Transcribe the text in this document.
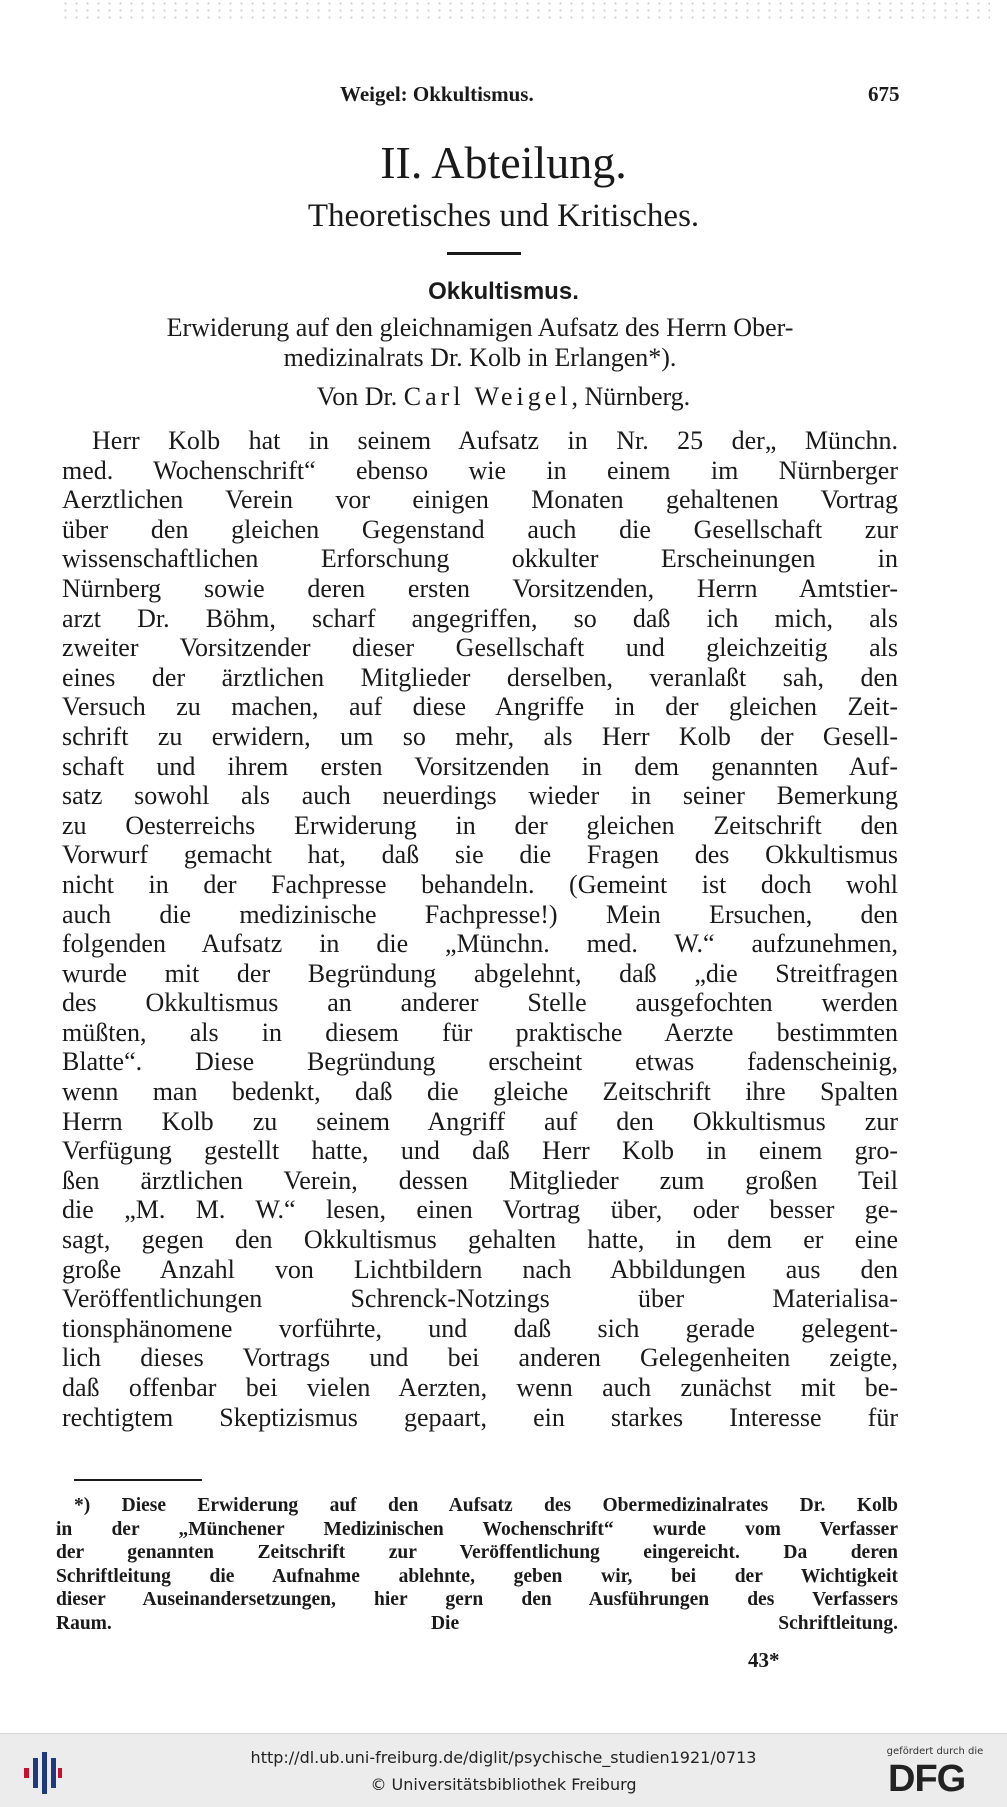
Weigel: Okkultismus.	675
II. Abteilung.
Theoretisches und Kritisches.
Okkultismus.

Erwiderung auf den gleichnamigen Aufsatz des Herrn Ober-
medizinalrats Dr. Kolb in Erlangen*).

Von Dr. Carl Weigel, Nürnberg.

Herr Kolb hat in seinem Aufsatz in Nr. 25 der„ Münchn.
med. Wochenschrift“ ebenso wie in einem im Nürnberger
Aerztlichen Verein vor einigen Monaten gehaltenen Vortrag
über den gleichen Gegenstand auch die Gesellschaft zur
wissenschaftlichen Erforschung okkulter Erscheinungen in
Nürnberg sowie deren ersten Vorsitzenden, Herrn Amtstier-
arzt Dr. Böhm, scharf angegriffen, so daß ich mich, als
zweiter Vorsitzender dieser Gesellschaft und gleichzeitig als
eines der ärztlichen Mitglieder derselben, veranlaßt sah, den
Versuch zu machen, auf diese Angriffe in der gleichen Zeit-
schrift zu erwidern, um so mehr, als Herr Kolb der Gesell-
schaft und ihrem ersten Vorsitzenden in dem genannten Auf-
satz sowohl als auch neuerdings wieder in seiner Bemerkung
zu Oesterreichs Erwiderung in der gleichen Zeitschrift den
Vorwurf gemacht hat, daß sie die Fragen des Okkultismus
nicht in der Fachpresse behandeln. (Gemeint ist doch wohl
auch die medizinische Fachpresse!) Mein Ersuchen, den
folgenden Aufsatz in die „Münchn. med. W.“ aufzunehmen,
wurde mit der Begründung abgelehnt, daß „die Streitfragen
des Okkultismus an anderer Stelle ausgefochten werden
müßten, als in diesem für praktische Aerzte bestimmten
Blatte“. Diese Begründung erscheint etwas fadenscheinig,
wenn man bedenkt, daß die gleiche Zeitschrift ihre Spalten
Herrn Kolb zu seinem Angriff auf den Okkultismus zur
Verfügung gestellt hatte, und daß Herr Kolb in einem gro-
ßen ärztlichen Verein, dessen Mitglieder zum großen Teil
die „M. M. W.“ lesen, einen Vortrag über, oder besser ge-
sagt, gegen den Okkultismus gehalten hatte, in dem er eine
große Anzahl von Lichtbildern nach Abbildungen aus den
Veröffentlichungen Schrenck-Notzings über Materialisa-
tionsphänomene vorführte, und daß sich gerade gelegent-
lich dieses Vortrags und bei anderen Gelegenheiten zeigte,
daß offenbar bei vielen Aerzten, wenn auch zunächst mit be-
rechtigtem Skeptizismus gepaart, ein starkes Interesse für

*) Diese Erwiderung auf den Aufsatz des Obermedizinalrates Dr. Kolb
in der „Münchener Medizinischen Wochenschrift“ wurde vom Verfasser
der genannten Zeitschrift zur Veröffentlichung eingereicht. Da deren
Schriftleitung die Aufnahme ablehnte, geben wir, bei der Wichtigkeit
dieser Auseinandersetzungen, hier gern den Ausführungen des Verfassers
Raum. Die Schriftleitung.

43*
http://dl.ub.uni-freiburg.de/diglit/psychische_studien1921/0713
© Universitätsbibliothek Freiburg
gefördert durch die
DFG
